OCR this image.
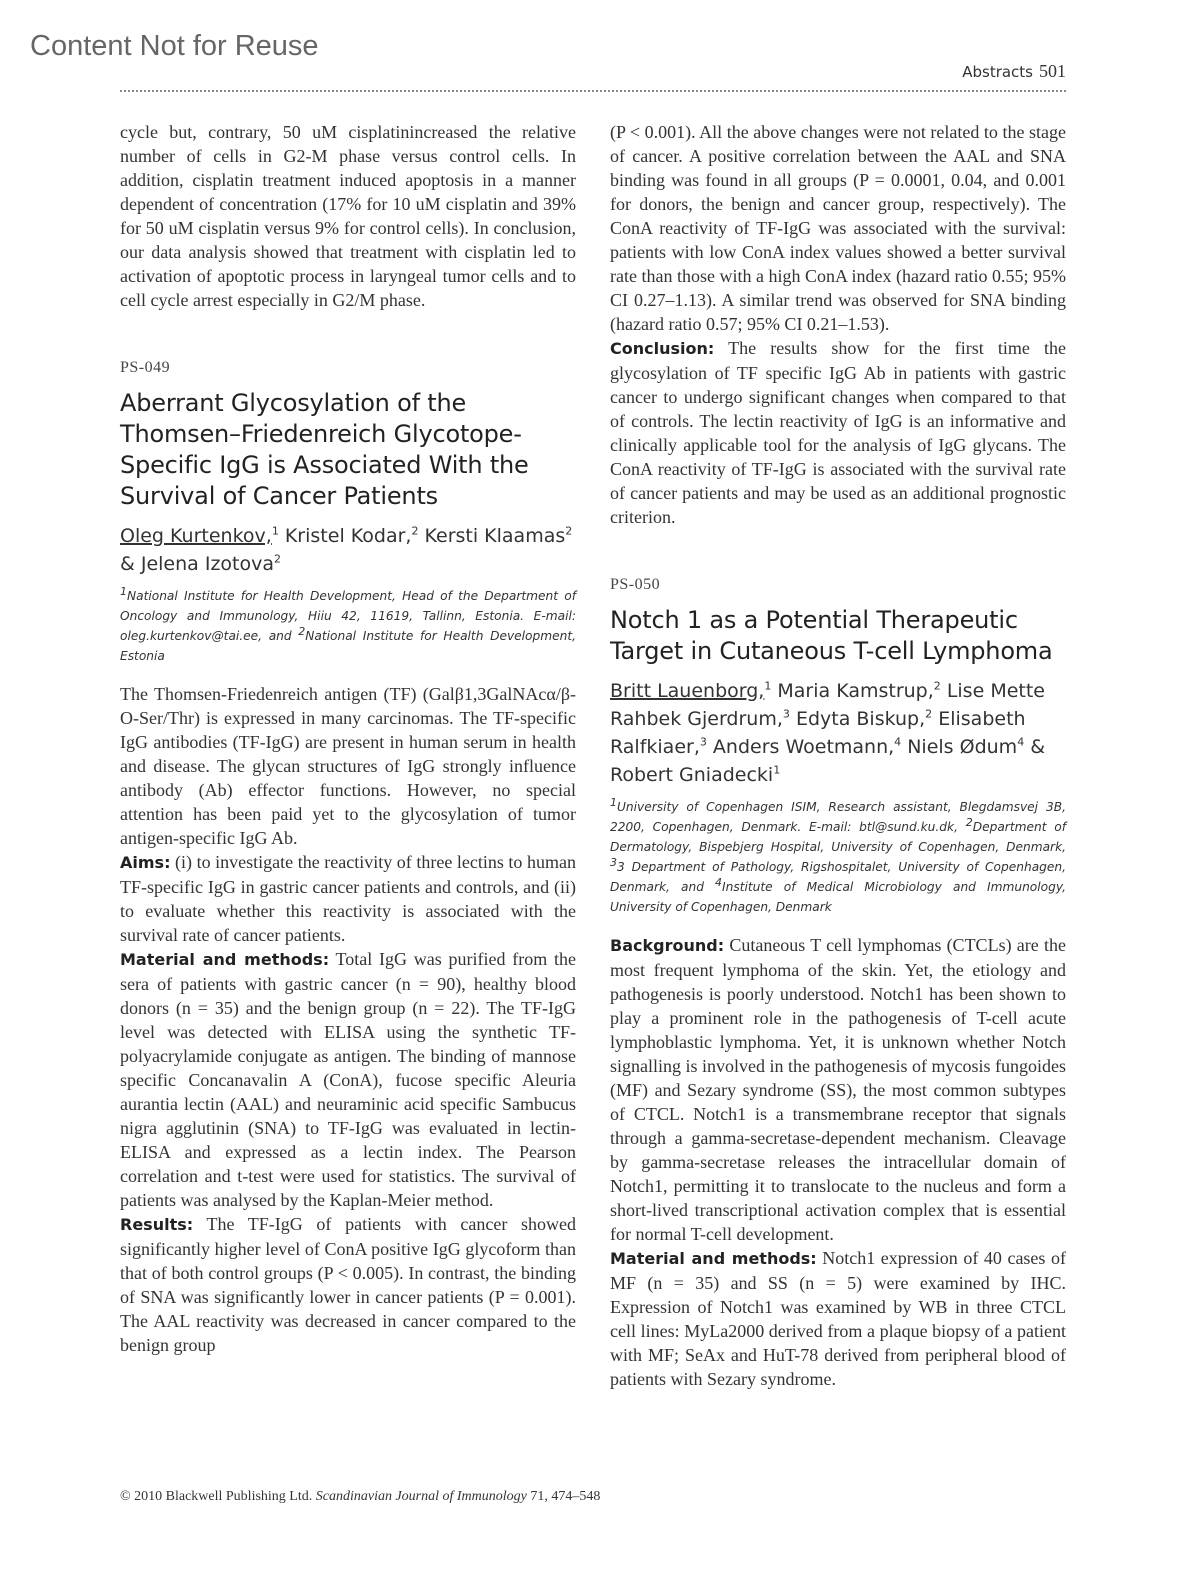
Content Not for Reuse
Abstracts 501

cycle but, contrary, 50 uM cisplatinincreased the relative number of cells in G2-M phase versus control cells. In addition, cisplatin treatment induced apoptosis in a manner dependent of concentration (17% for 10 uM cisplatin and 39% for 50 uM cisplatin versus 9% for control cells). In conclusion, our data analysis showed that treatment with cisplatin led to activation of apoptotic process in laryngeal tumor cells and to cell cycle arrest especially in G2/M phase.

PS-049
Aberrant Glycosylation of the Thomsen–Friedenreich Glycotope-Specific IgG is Associated With the Survival of Cancer Patients
Oleg Kurtenkov,$^1$ Kristel Kodar,$^2$ Kersti Klaamas$^2$ & Jelena Izotova$^2$
$^1$National Institute for Health Development, Head of the Department of Oncology and Immunology, Hiiu 42, 11619, Tallinn, Estonia. E-mail: oleg.kurtenkov@tai.ee, and $^2$National Institute for Health Development, Estonia

The Thomsen-Friedenreich antigen (TF) (Galβ1,3GalNAcα/β-O-Ser/Thr) is expressed in many carcinomas. The TF-specific IgG antibodies (TF-IgG) are present in human serum in health and disease. The glycan structures of IgG strongly influence antibody (Ab) effector functions. However, no special attention has been paid yet to the glycosylation of tumor antigen-specific IgG Ab.

Aims: (i) to investigate the reactivity of three lectins to human TF-specific IgG in gastric cancer patients and controls, and (ii) to evaluate whether this reactivity is associated with the survival rate of cancer patients.

Material and methods: Total IgG was purified from the sera of patients with gastric cancer (n = 90), healthy blood donors (n = 35) and the benign group (n = 22). The TF-IgG level was detected with ELISA using the synthetic TF-polyacrylamide conjugate as antigen. The binding of mannose specific Concanavalin A (ConA), fucose specific Aleuria aurantia lectin (AAL) and neuraminic acid specific Sambucus nigra agglutinin (SNA) to TF-IgG was evaluated in lectin-ELISA and expressed as a lectin index. The Pearson correlation and t-test were used for statistics. The survival of patients was analysed by the Kaplan-Meier method.

Results: The TF-IgG of patients with cancer showed significantly higher level of ConA positive IgG glycoform than that of both control groups (P < 0.005). In contrast, the binding of SNA was significantly lower in cancer patients (P = 0.001). The AAL reactivity was decreased in cancer compared to the benign group

(P < 0.001). All the above changes were not related to the stage of cancer. A positive correlation between the AAL and SNA binding was found in all groups (P = 0.0001, 0.04, and 0.001 for donors, the benign and cancer group, respectively). The ConA reactivity of TF-IgG was associated with the survival: patients with low ConA index values showed a better survival rate than those with a high ConA index (hazard ratio 0.55; 95% CI 0.27–1.13). A similar trend was observed for SNA binding (hazard ratio 0.57; 95% CI 0.21–1.53).

Conclusion: The results show for the first time the glycosylation of TF specific IgG Ab in patients with gastric cancer to undergo significant changes when compared to that of controls. The lectin reactivity of IgG is an informative and clinically applicable tool for the analysis of IgG glycans. The ConA reactivity of TF-IgG is associated with the survival rate of cancer patients and may be used as an additional prognostic criterion.

PS-050
Notch 1 as a Potential Therapeutic Target in Cutaneous T-cell Lymphoma
Britt Lauenborg,$^1$ Maria Kamstrup,$^2$ Lise Mette Rahbek Gjerdrum,$^3$ Edyta Biskup,$^2$ Elisabeth Ralfkiaer,$^3$ Anders Woetmann,$^4$ Niels Ødum$^4$ & Robert Gniadecki$^1$
$^1$University of Copenhagen ISIM, Research assistant, Blegdamsvej 3B, 2200, Copenhagen, Denmark. E-mail: btl@sund.ku.dk, $^2$Department of Dermatology, Bispebjerg Hospital, University of Copenhagen, Denmark, $^3$3 Department of Pathology, Rigshospitalet, University of Copenhagen, Denmark, and $^4$Institute of Medical Microbiology and Immunology, University of Copenhagen, Denmark

Background: Cutaneous T cell lymphomas (CTCLs) are the most frequent lymphoma of the skin. Yet, the etiology and pathogenesis is poorly understood. Notch1 has been shown to play a prominent role in the pathogenesis of T-cell acute lymphoblastic lymphoma. Yet, it is unknown whether Notch signalling is involved in the pathogenesis of mycosis fungoides (MF) and Sezary syndrome (SS), the most common subtypes of CTCL. Notch1 is a transmembrane receptor that signals through a gamma-secretase-dependent mechanism. Cleavage by gamma-secretase releases the intracellular domain of Notch1, permitting it to translocate to the nucleus and form a short-lived transcriptional activation complex that is essential for normal T-cell development.

Material and methods: Notch1 expression of 40 cases of MF (n = 35) and SS (n = 5) were examined by IHC. Expression of Notch1 was examined by WB in three CTCL cell lines: MyLa2000 derived from a plaque biopsy of a patient with MF; SeAx and HuT-78 derived from peripheral blood of patients with Sezary syndrome.

© 2010 Blackwell Publishing Ltd. Scandinavian Journal of Immunology 71, 474–548
